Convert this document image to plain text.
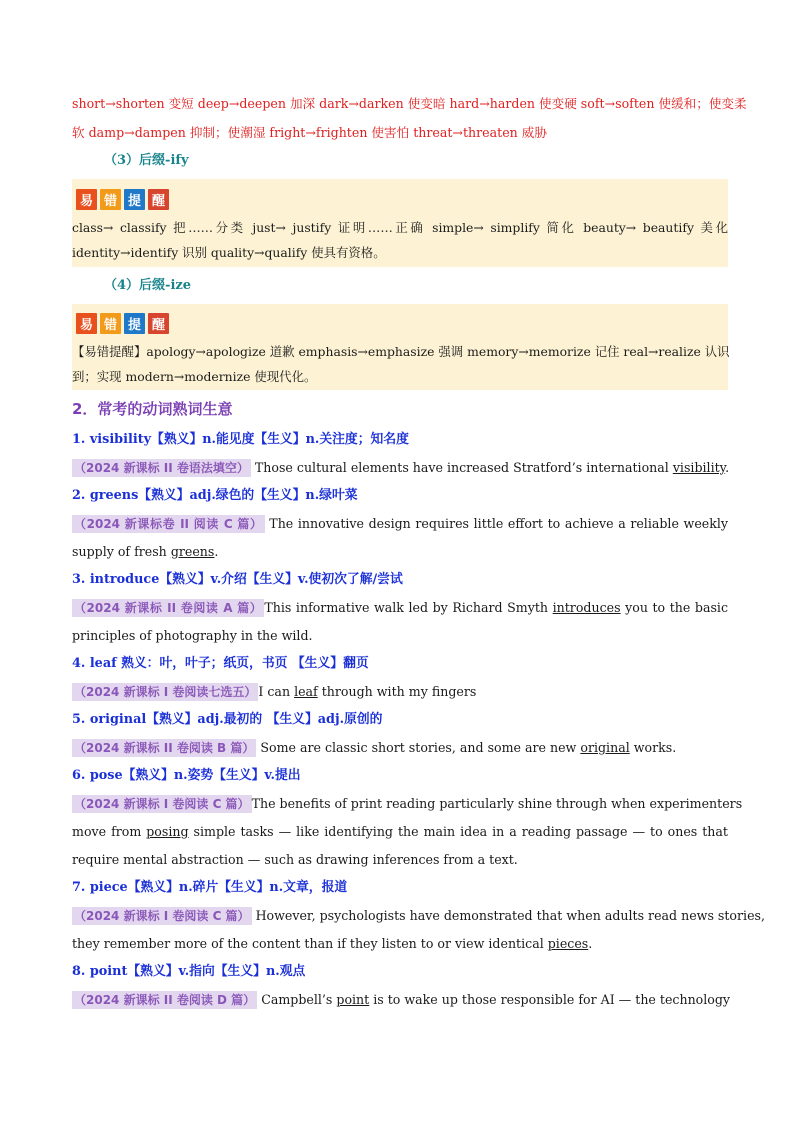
short→shorten 变短 deep→deepen 加深 dark→darken 使变暗 hard→harden 使变硬 soft→soften 使缓和；使变柔
软 damp→dampen 抑制；使潮湿 fright→frighten 使害怕 threat→threaten 威胁
（3）后缀-ify
易 错 提 醒
class→ classify 把……分类 just→ justify 证明……正确 simple→ simplify 简化 beauty→ beautify 美化
identity→identify 识别 quality→qualify 使具有资格。
（4）后缀-ize
易 错 提 醒
【易错提醒】apology→apologize 道歉 emphasis→emphasize 强调 memory→memorize 记住 real→realize 认识
到；实现 modern→modernize 使现代化。
2．常考的动词熟词生意
1. visibility【熟义】n.能见度【生义】n.关注度；知名度
（2024 新课标 II 卷语法填空） Those cultural elements have increased Stratford’s international visibility.
2. greens【熟义】adj.绿色的【生义】n.绿叶菜
（2024 新课标卷 II 阅读 C 篇） The innovative design requires little effort to achieve a reliable weekly
supply of fresh greens.
3. introduce【熟义】v.介绍【生义】v.使初次了解/尝试
（2024 新课标 II 卷阅读 A 篇） This informative walk led by Richard Smyth introduces you to the basic
principles of photography in the wild.
4. leaf 熟义：叶，叶子；纸页，书页 【生义】翻页
（2024 新课标 I 卷阅读七选五） I can leaf through with my fingers
5. original【熟义】adj.最初的 【生义】adj.原创的
（2024 新课标 II 卷阅读 B 篇） Some are classic short stories, and some are new original works.
6. pose【熟义】n.姿势【生义】v.提出
（2024 新课标 I 卷阅读 C 篇） The benefits of print reading particularly shine through when experimenters
move from posing simple tasks — like identifying the main idea in a reading passage — to ones that
require mental abstraction — such as drawing inferences from a text.
7. piece【熟义】n.碎片【生义】n.文章，报道
（2024 新课标 I 卷阅读 C 篇） However, psychologists have demonstrated that when adults read news stories,
they remember more of the content than if they listen to or view identical pieces.
8. point【熟义】v.指向【生义】n.观点
（2024 新课标 II 卷阅读 D 篇） Campbell’s point is to wake up those responsible for AI — the technology
